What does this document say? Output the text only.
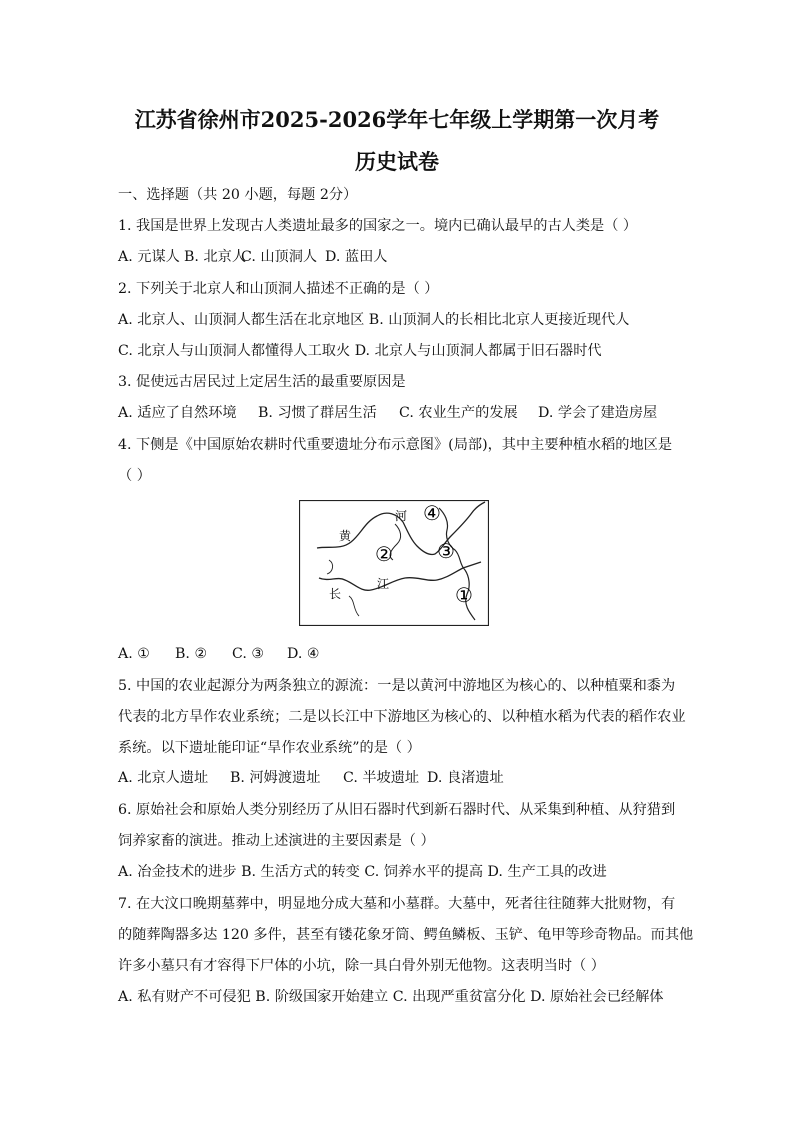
江苏省徐州市2025-2026学年七年级上学期第一次月考
历史试卷
一、选择题（共 20 小题，每题 2分）
1. 我国是世界上发现古人类遗址最多的国家之一。境内已确认最早的古人类是（ ）
A. 元谋人 B. 北京人C. 山顶洞人 D. 蓝田人
2. 下列关于北京人和山顶洞人描述不正确的是（ ）
A. 北京人、山顶洞人都生活在北京地区 B. 山顶洞人的长相比北京人更接近现代人
C. 北京人与山顶洞人都懂得人工取火 D. 北京人与山顶洞人都属于旧石器时代
3. 促使远古居民过上定居生活的最重要原因是
A. 适应了自然环境 B. 习惯了群居生活 C. 农业生产的发展 D. 学会了建造房屋
4. 下侧是《中国原始农耕时代重要遗址分布示意图》(局部)，其中主要种植水稻的地区是
（ ）
黄
河
长
江	①
② ③
④
A. ① B. ② C. ③ D. ④
5. 中国的农业起源分为两条独立的源流：一是以黄河中游地区为核心的、以种植粟和黍为
代表的北方旱作农业系统；二是以长江中下游地区为核心的、以种植水稻为代表的稻作农业
系统。以下遗址能印证“旱作农业系统”的是（ ）
A. 北京人遗址 B. 河姆渡遗址 C. 半坡遗址 D. 良渚遗址
6. 原始社会和原始人类分别经历了从旧石器时代到新石器时代、从采集到种植、从狩猎到
饲养家畜的演进。推动上述演进的主要因素是（ ）
A. 冶金技术的进步 B. 生活方式的转变 C. 饲养水平的提高 D. 生产工具的改进
7. 在大汶口晚期墓葬中，明显地分成大墓和小墓群。大墓中，死者往往随葬大批财物，有
的随葬陶器多达 120 多件，甚至有镂花象牙筒、鳄鱼鳞板、玉铲、龟甲等珍奇物品。而其他
许多小墓只有才容得下尸体的小坑，除一具白骨外别无他物。这表明当时（ ）
A. 私有财产不可侵犯 B. 阶级国家开始建立 C. 出现严重贫富分化 D. 原始社会已经解体
